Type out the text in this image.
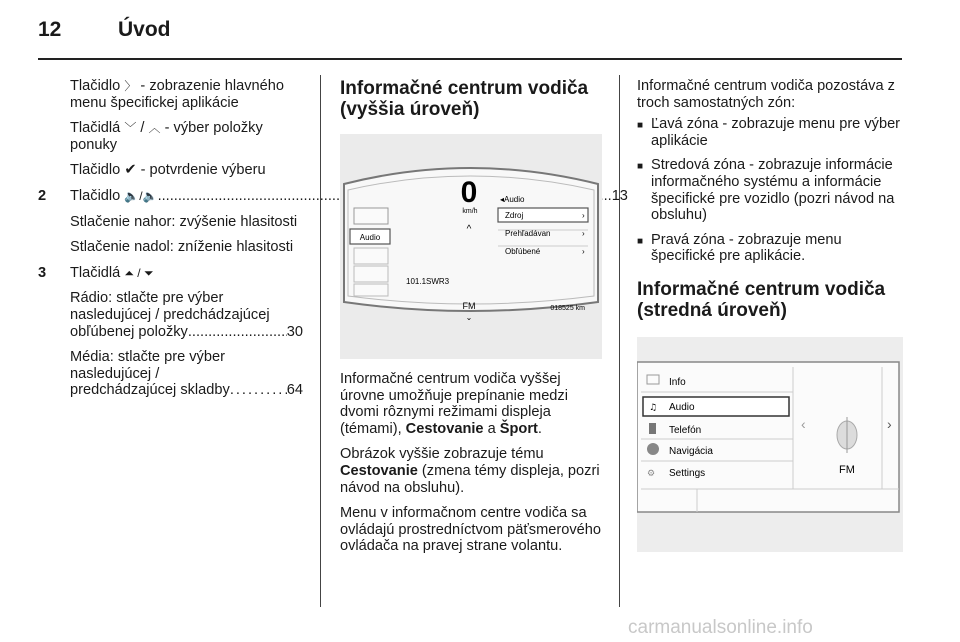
12	Úvod

Tlačidlo 〉 - zobrazenie hlavného menu špecifickej aplikácie

Tlačidlá ﹀ / ︿ - výber položky ponuky

Tlačidlo ✔ - potvrdenie výberu

2	Tlačidlo 🔈/🔈 .....	13

Stlačenie nahor: zvýšenie hlasitosti

Stlačenie nadol: zníženie hlasitosti

3	Tlačidlá ⏶ / ⏷

Rádio: stlačte pre výber nasledujúcej / predchádzajúcej
obľúbenej položky .....	30
Média: stlačte pre výber nasledujúcej /
predchádzajúcej skladby .....	64
Informačné centrum vodiča (vyššia úroveň)
Audio
0
km/h
^
101.1SWR3
FM
⌄
◂Audio
Zdroj	›
Prehľadávan	›
Obľúbené	›
018525 km

Informačné centrum vodiča vyššej úrovne umožňuje prepínanie medzi dvomi rôznymi režimami displeja (témami), Cestovanie a Šport.

Obrázok vyššie zobrazuje tému Cestovanie (zmena témy displeja, pozri návod na obsluhu).

Menu v informačnom centre vodiča sa ovládajú prostredníctvom päťsmerového ovládača na pravej strane volantu.

Informačné centrum vodiča pozostáva z troch samostatných zón:

■ Ľavá zóna - zobrazuje menu pre výber aplikácie
■ Stredová zóna - zobrazuje informácie informačného systému a informácie špecifické pre vozidlo (pozri návod na obsluhu)
■ Pravá zóna - zobrazuje menu špecifické pre aplikácie.
Informačné centrum vodiča (stredná úroveň)
Info
♫ Audio
Telefón
Navigácia
⚙ Settings
‹	›
FM
carmanualsonline.info
